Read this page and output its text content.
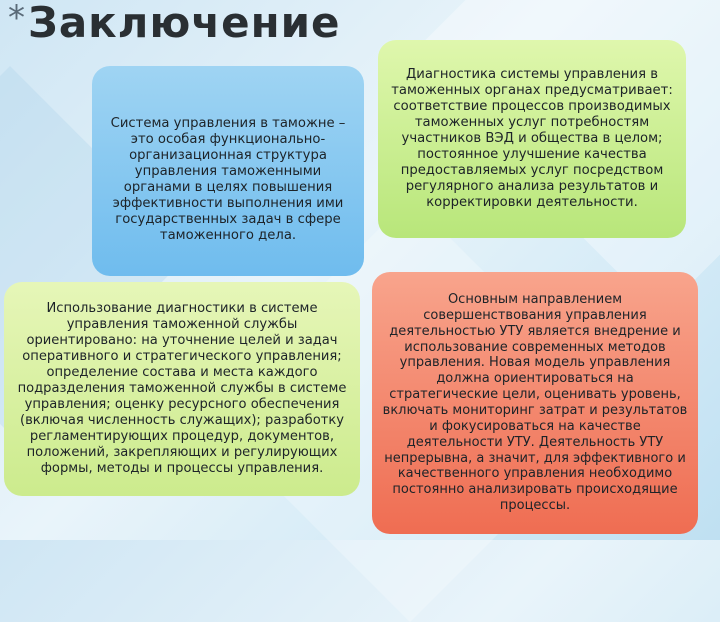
*Заключение

Система управления в таможне – это особая функционально-организационная структура управления таможенными органами в целях повышения эффективности выполнения ими государственных задач в сфере таможенного дела.

Диагностика системы управления в таможенных органах предусматривает: соответствие процессов производимых таможенных услуг потребностям участников ВЭД и общества в целом; постоянное улучшение качества предоставляемых услуг посредством регулярного анализа результатов и корректировки деятельности.

Использование диагностики в системе управления таможенной службы ориентировано: на уточнение целей и задач оперативного и стратегического управления; определение состава и места каждого подразделения таможенной службы в системе управления; оценку ресурсного обеспечения (включая численность служащих); разработку регламентирующих процедур, документов, положений, закрепляющих и регулирующих формы, методы и процессы управления.

Основным направлением совершенствования управления деятельностью УТУ является внедрение и использование современных методов управления. Новая модель управления должна ориентироваться на стратегические цели, оценивать уровень, включать мониторинг затрат и результатов и фокусироваться на качестве деятельности УТУ. Деятельность УТУ непрерывна, а значит, для эффективного и качественного управления необходимо постоянно анализировать происходящие процессы.
